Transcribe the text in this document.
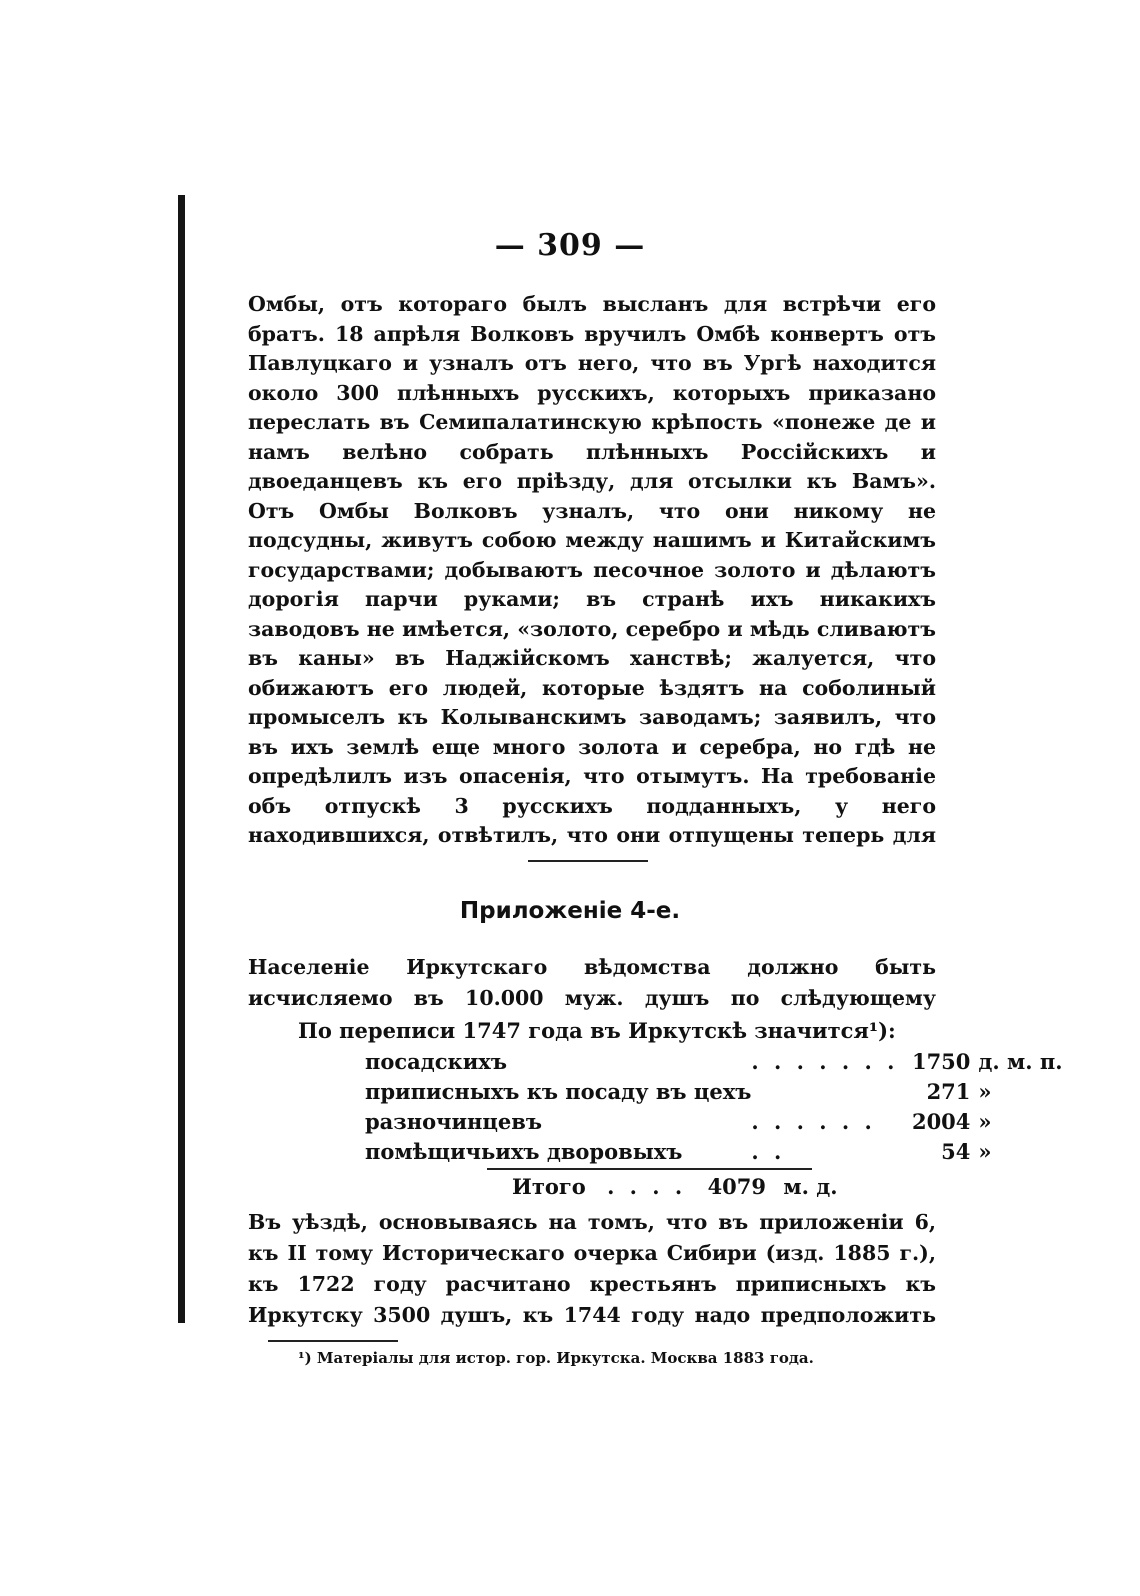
— 309 —

Омбы, отъ котораго былъ высланъ для встрѣчи его братъ. 18 апрѣля Волковъ вручилъ Омбѣ конвертъ отъ Павлуцкаго и узналъ отъ него, что въ Ургѣ находится около 300 плѣнныхъ русскихъ, которыхъ приказано переслать въ Семипалатинскую крѣпость «понеже де и намъ велѣно собрать плѣнныхъ Россійскихъ и двоеданцевъ къ его пріѣзду, для отсылки къ Вамъ». Отъ Омбы Волковъ узналъ, что они никому не подсудны, живутъ собою между нашимъ и Китайскимъ государствами; добываютъ песочное золото и дѣлаютъ дорогія парчи руками; въ странѣ ихъ никакихъ заводовъ не имѣется, «золото, серебро и мѣдь сливаютъ въ каны» въ Наджійскомъ ханствѣ; жалуется, что обижаютъ его людей, которые ѣздятъ на соболиный промыселъ къ Колыванскимъ заводамъ; заявилъ, что въ ихъ землѣ еще много золота и серебра, но гдѣ не опредѣлилъ изъ опасенія, что отымутъ. На требованіе объ отпускѣ 3 русскихъ подданныхъ, у него находившихся, отвѣтилъ, что они отпущены теперь для

Приложеніе 4-е.

Населеніе Иркутскаго вѣдомства должно быть исчисляемо въ 10.000 муж. душъ по слѣдующему

По переписи 1747 года въ Иркутскѣ значится¹):
посадскихъ	. . . . . . .	1750	д. м. п.
приписныхъ къ посаду въ цехъ		271	»
разночинцевъ	. . . . . .	2004	»
помѣщичьихъ дворовыхъ	. .	54	»
Итого . . . . 4079 м. д.

Въ уѣздѣ, основываясь на томъ, что въ приложеніи 6, къ II тому Историческаго очерка Сибири (изд. 1885 г.), къ 1722 году расчитано крестьянъ приписныхъ къ Иркутску 3500 душъ, къ 1744 году надо предположить

¹) Матеріалы для истор. гор. Иркутска. Москва 1883 года.
